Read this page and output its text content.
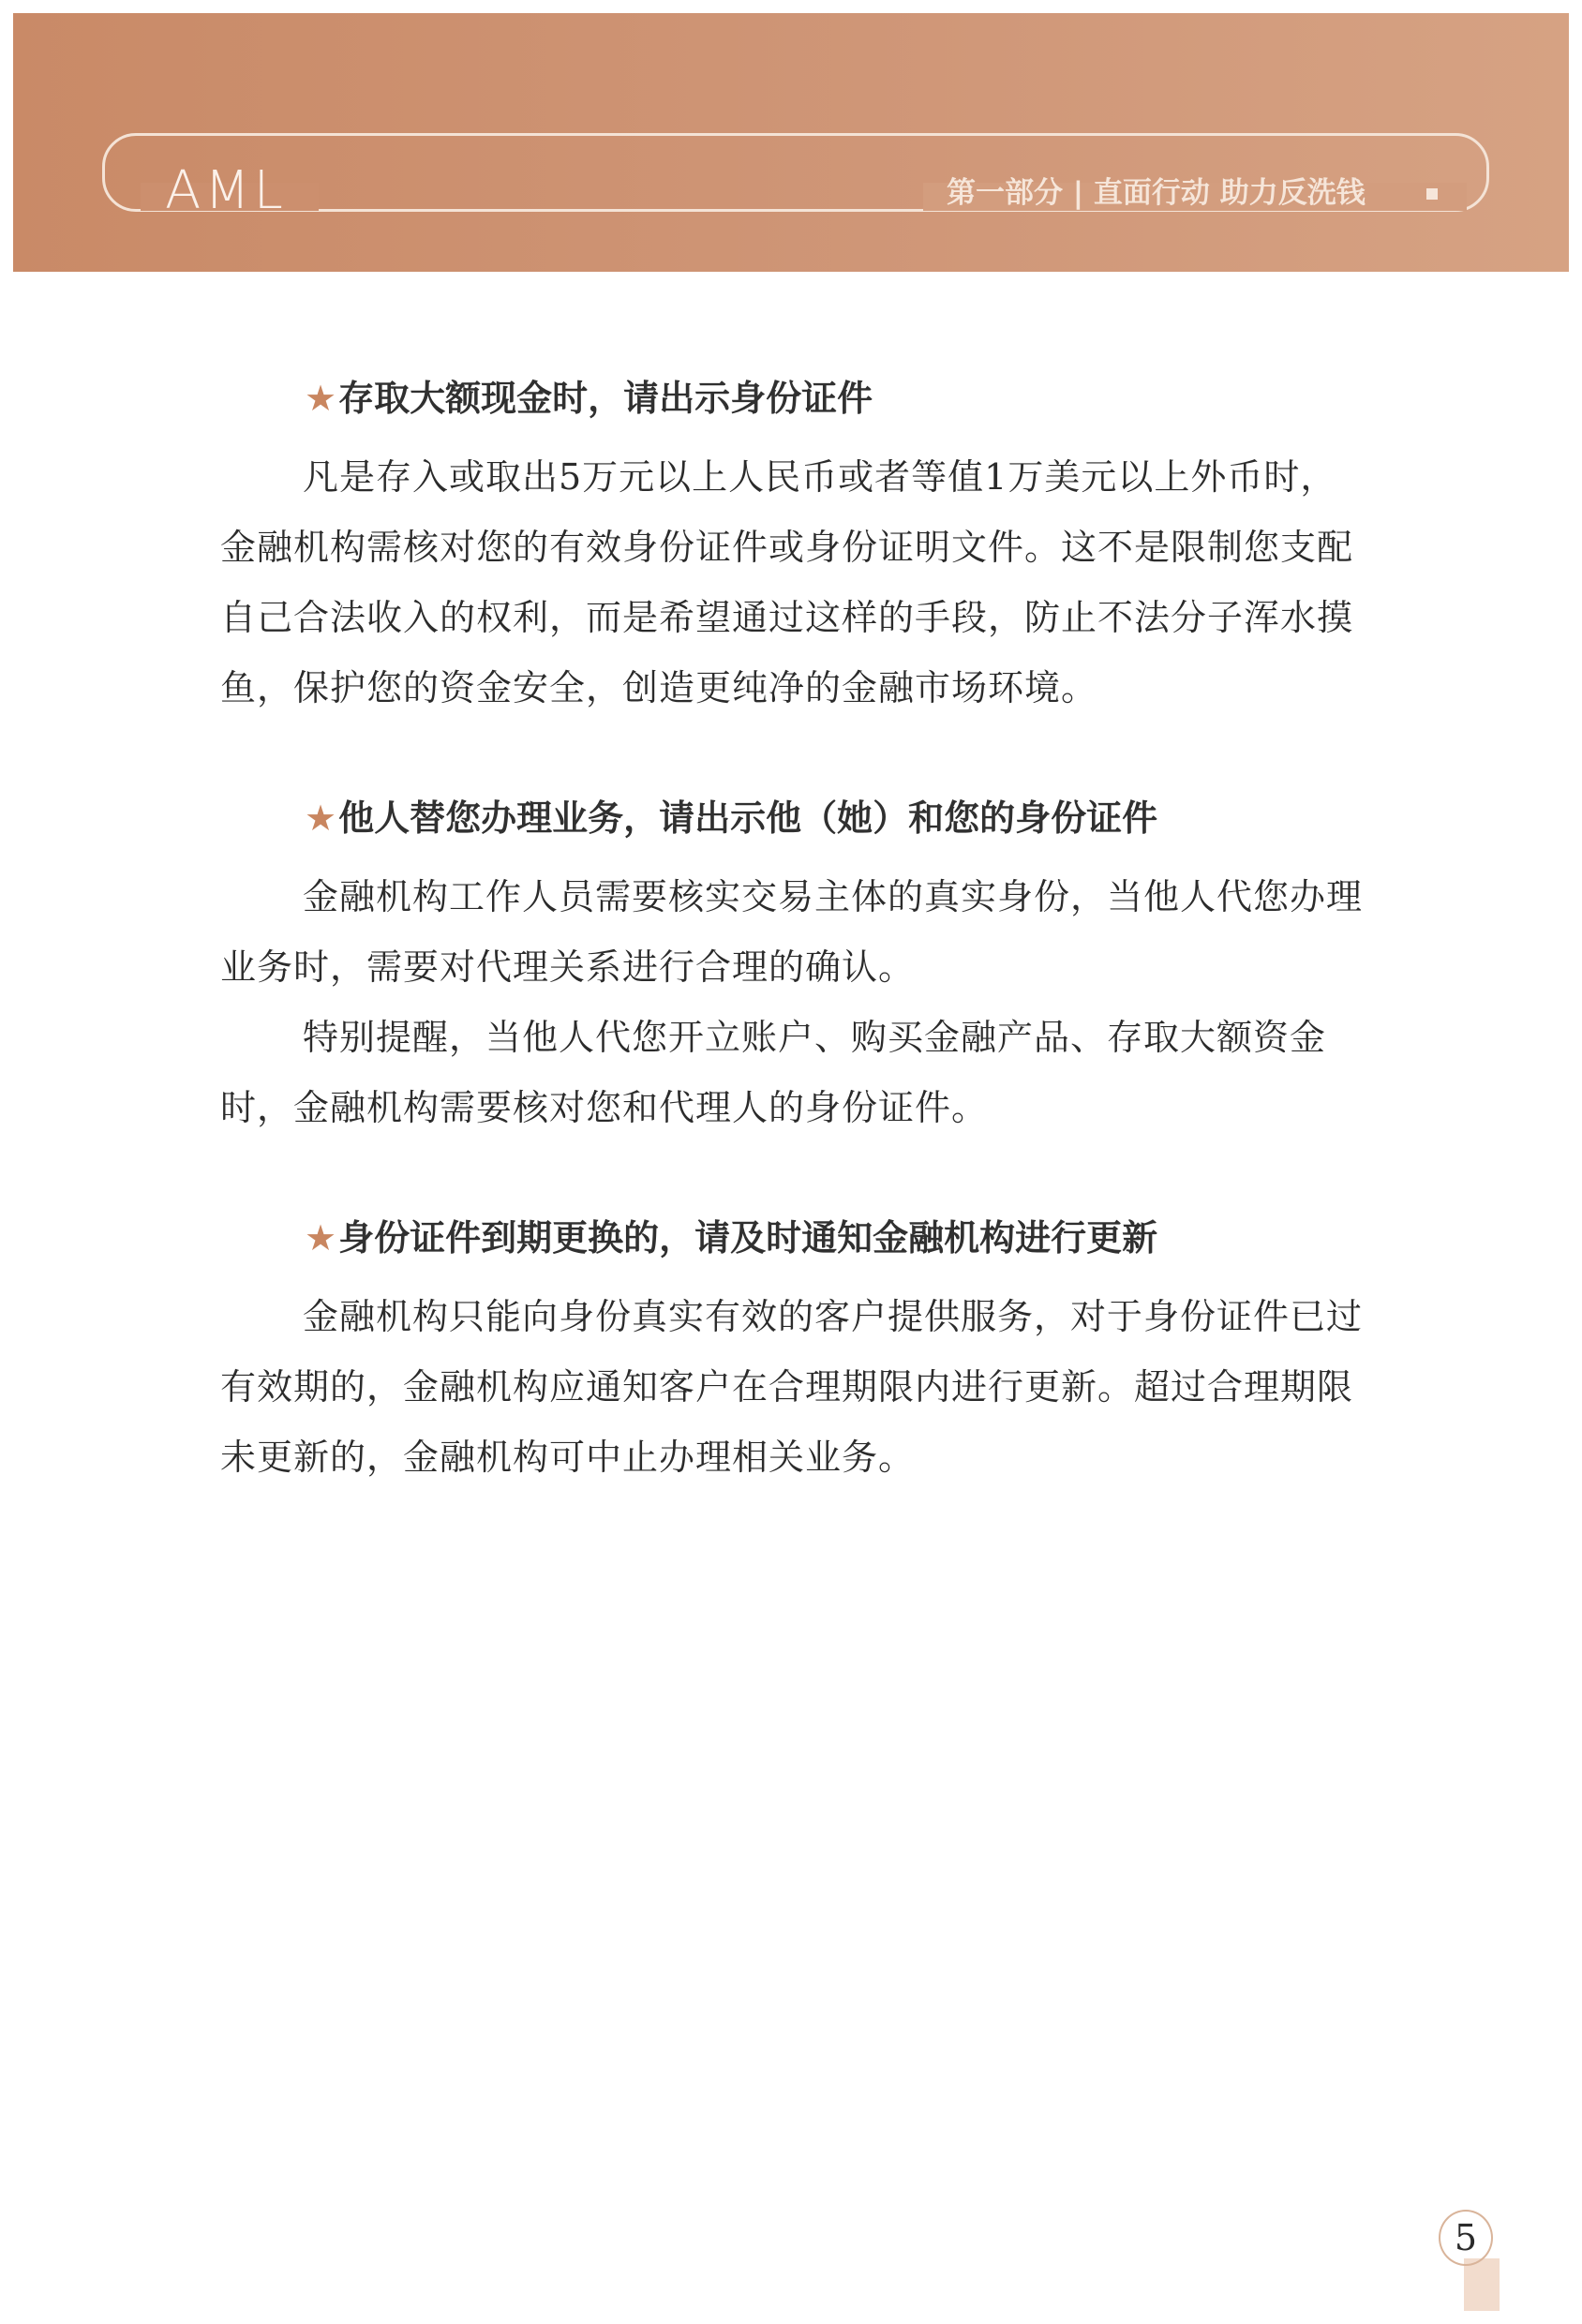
AML	第一部分 | 直面行动 助力反洗钱
★存取大额现金时，请出示身份证件

凡是存入或取出5万元以上人民币或者等值1万美元以上外币时，金融机构需核对您的有效身份证件或身份证明文件。这不是限制您支配自己合法收入的权利，而是希望通过这样的手段，防止不法分子浑水摸鱼，保护您的资金安全，创造更纯净的金融市场环境。

★他人替您办理业务，请出示他（她）和您的身份证件

金融机构工作人员需要核实交易主体的真实身份，当他人代您办理业务时，需要对代理关系进行合理的确认。

特别提醒，当他人代您开立账户、购买金融产品、存取大额资金时，金融机构需要核对您和代理人的身份证件。

★身份证件到期更换的，请及时通知金融机构进行更新

金融机构只能向身份真实有效的客户提供服务，对于身份证件已过有效期的，金融机构应通知客户在合理期限内进行更新。超过合理期限未更新的，金融机构可中止办理相关业务。

5
